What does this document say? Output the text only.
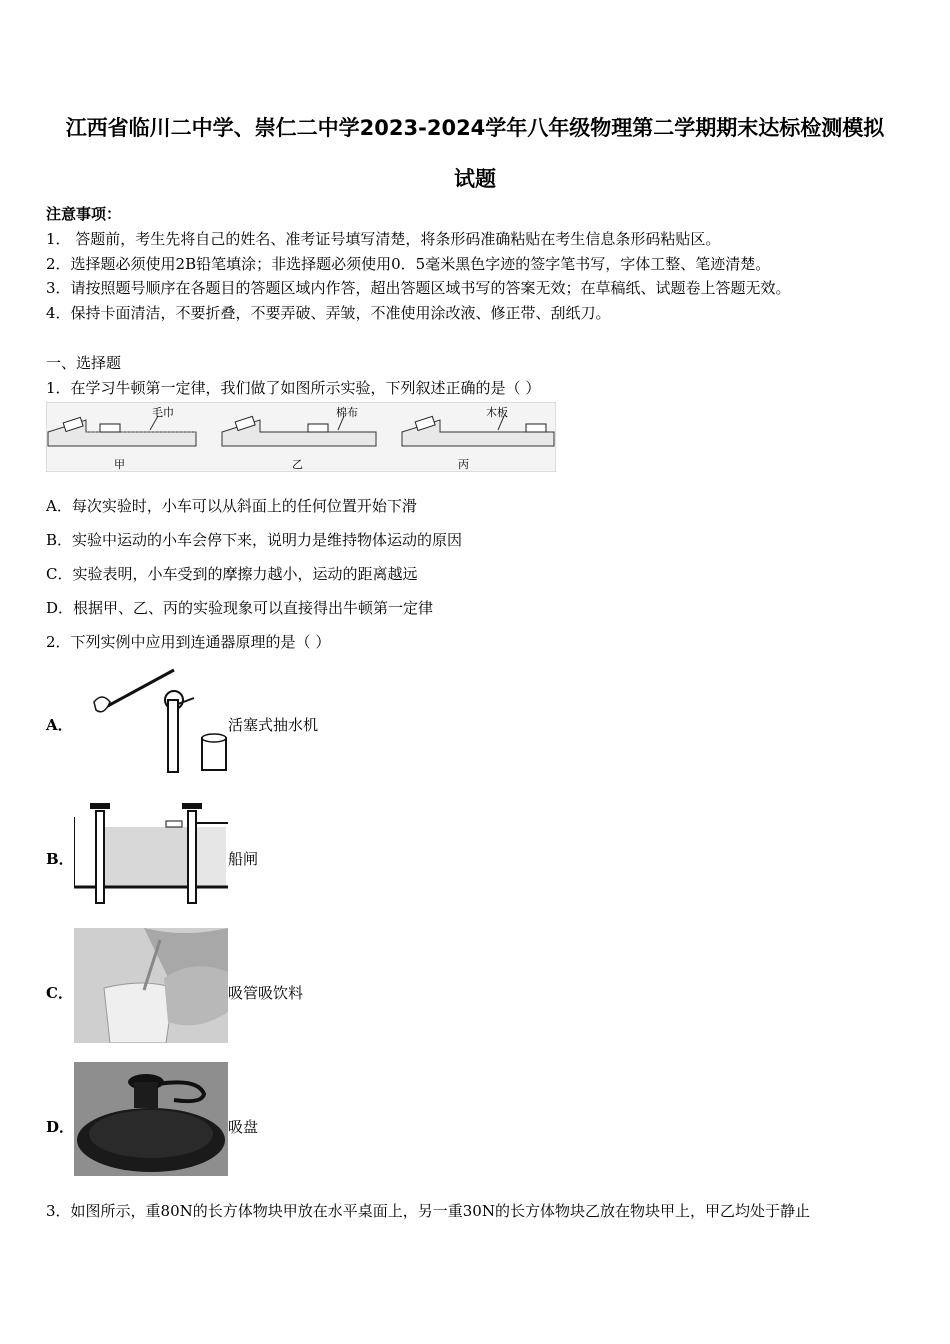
江西省临川二中学、崇仁二中学2023-2024学年八年级物理第二学期期末达标检测模拟
试题
注意事项：
1． 答题前，考生先将自己的姓名、准考证号填写清楚，将条形码准确粘贴在考生信息条形码粘贴区。
2．选择题必须使用2B铅笔填涂；非选择题必须使用0．5毫米黑色字迹的签字笔书写，字体工整、笔迹清楚。
3．请按照题号顺序在各题目的答题区域内作答，超出答题区域书写的答案无效；在草稿纸、试题卷上答题无效。
4．保持卡面清洁，不要折叠，不要弄破、弄皱，不准使用涂改液、修正带、刮纸刀。
一、选择题
1．在学习牛顿第一定律，我们做了如图所示实验，下列叙述正确的是（ ）
毛巾	棉布	木板
甲	乙	丙
A．每次实验时，小车可以从斜面上的任何位置开始下滑
B．实验中运动的小车会停下来，说明力是维持物体运动的原因
C．实验表明，小车受到的摩擦力越小，运动的距离越远
D．根据甲、乙、丙的实验现象可以直接得出牛顿第一定律
2．下列实例中应用到连通器原理的是（ ）
A．	活塞式抽水机
B．	船闸
C．	吸管吸饮料
D．	吸盘
3．如图所示，重80N的长方体物块甲放在水平桌面上，另一重30N的长方体物块乙放在物块甲上，甲乙均处于静止
